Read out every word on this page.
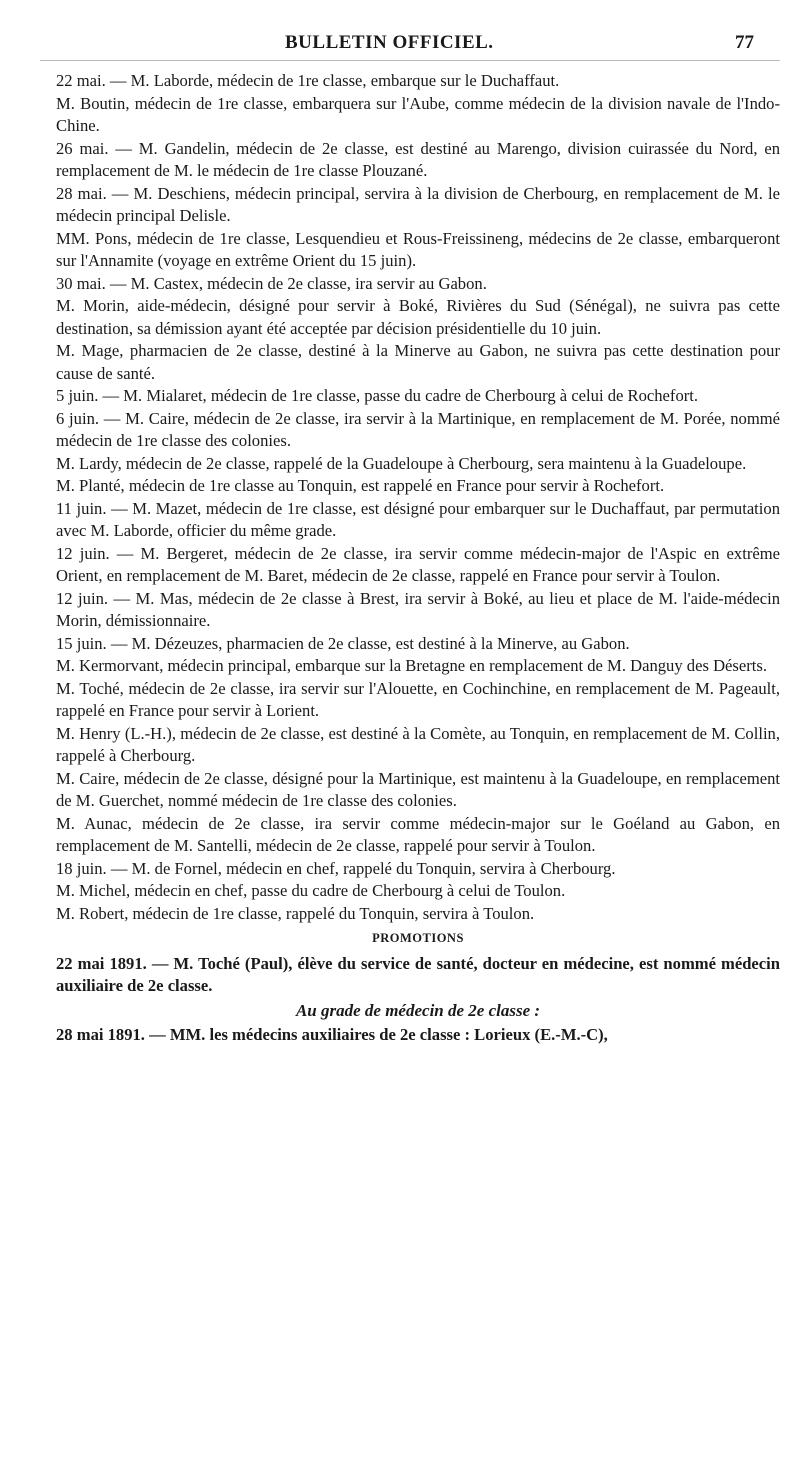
BULLETIN OFFICIEL.	77

22 mai. — M. Laborde, médecin de 1re classe, embarque sur le Duchaffaut.

M. Boutin, médecin de 1re classe, embarquera sur l'Aube, comme médecin de la division navale de l'Indo-Chine.

26 mai. — M. Gandelin, médecin de 2e classe, est destiné au Marengo, division cuirassée du Nord, en remplacement de M. le médecin de 1re classe Plouzané.

28 mai. — M. Deschiens, médecin principal, servira à la division de Cherbourg, en remplacement de M. le médecin principal Delisle.

MM. Pons, médecin de 1re classe, Lesquendieu et Rous-Freissineng, médecins de 2e classe, embarqueront sur l'Annamite (voyage en extrême Orient du 15 juin).

30 mai. — M. Castex, médecin de 2e classe, ira servir au Gabon.

M. Morin, aide-médecin, désigné pour servir à Boké, Rivières du Sud (Sénégal), ne suivra pas cette destination, sa démission ayant été acceptée par décision présidentielle du 10 juin.

M. Mage, pharmacien de 2e classe, destiné à la Minerve au Gabon, ne suivra pas cette destination pour cause de santé.

5 juin. — M. Mialaret, médecin de 1re classe, passe du cadre de Cherbourg à celui de Rochefort.

6 juin. — M. Caire, médecin de 2e classe, ira servir à la Martinique, en remplacement de M. Porée, nommé médecin de 1re classe des colonies.

M. Lardy, médecin de 2e classe, rappelé de la Guadeloupe à Cherbourg, sera maintenu à la Guadeloupe.

M. Planté, médecin de 1re classe au Tonquin, est rappelé en France pour servir à Rochefort.

11 juin. — M. Mazet, médecin de 1re classe, est désigné pour embarquer sur le Duchaffaut, par permutation avec M. Laborde, officier du même grade.

12 juin. — M. Bergeret, médecin de 2e classe, ira servir comme médecin-major de l'Aspic en extrême Orient, en remplacement de M. Baret, médecin de 2e classe, rappelé en France pour servir à Toulon.

12 juin. — M. Mas, médecin de 2e classe à Brest, ira servir à Boké, au lieu et place de M. l'aide-médecin Morin, démissionnaire.

15 juin. — M. Dézeuzes, pharmacien de 2e classe, est destiné à la Minerve, au Gabon.

M. Kermorvant, médecin principal, embarque sur la Bretagne en remplacement de M. Danguy des Déserts.

M. Toché, médecin de 2e classe, ira servir sur l'Alouette, en Cochinchine, en remplacement de M. Pageault, rappelé en France pour servir à Lorient.

M. Henry (L.-H.), médecin de 2e classe, est destiné à la Comète, au Tonquin, en remplacement de M. Collin, rappelé à Cherbourg.

M. Caire, médecin de 2e classe, désigné pour la Martinique, est maintenu à la Guadeloupe, en remplacement de M. Guerchet, nommé médecin de 1re classe des colonies.

M. Aunac, médecin de 2e classe, ira servir comme médecin-major sur le Goéland au Gabon, en remplacement de M. Santelli, médecin de 2e classe, rappelé pour servir à Toulon.

18 juin. — M. de Fornel, médecin en chef, rappelé du Tonquin, servira à Cherbourg.

M. Michel, médecin en chef, passe du cadre de Cherbourg à celui de Toulon.

M. Robert, médecin de 1re classe, rappelé du Tonquin, servira à Toulon.

PROMOTIONS

22 mai 1891. — M. Toché (Paul), élève du service de santé, docteur en médecine, est nommé médecin auxiliaire de 2e classe.

Au grade de médecin de 2e classe :

28 mai 1891. — MM. les médecins auxiliaires de 2e classe : Lorieux (E.-M.-C),
